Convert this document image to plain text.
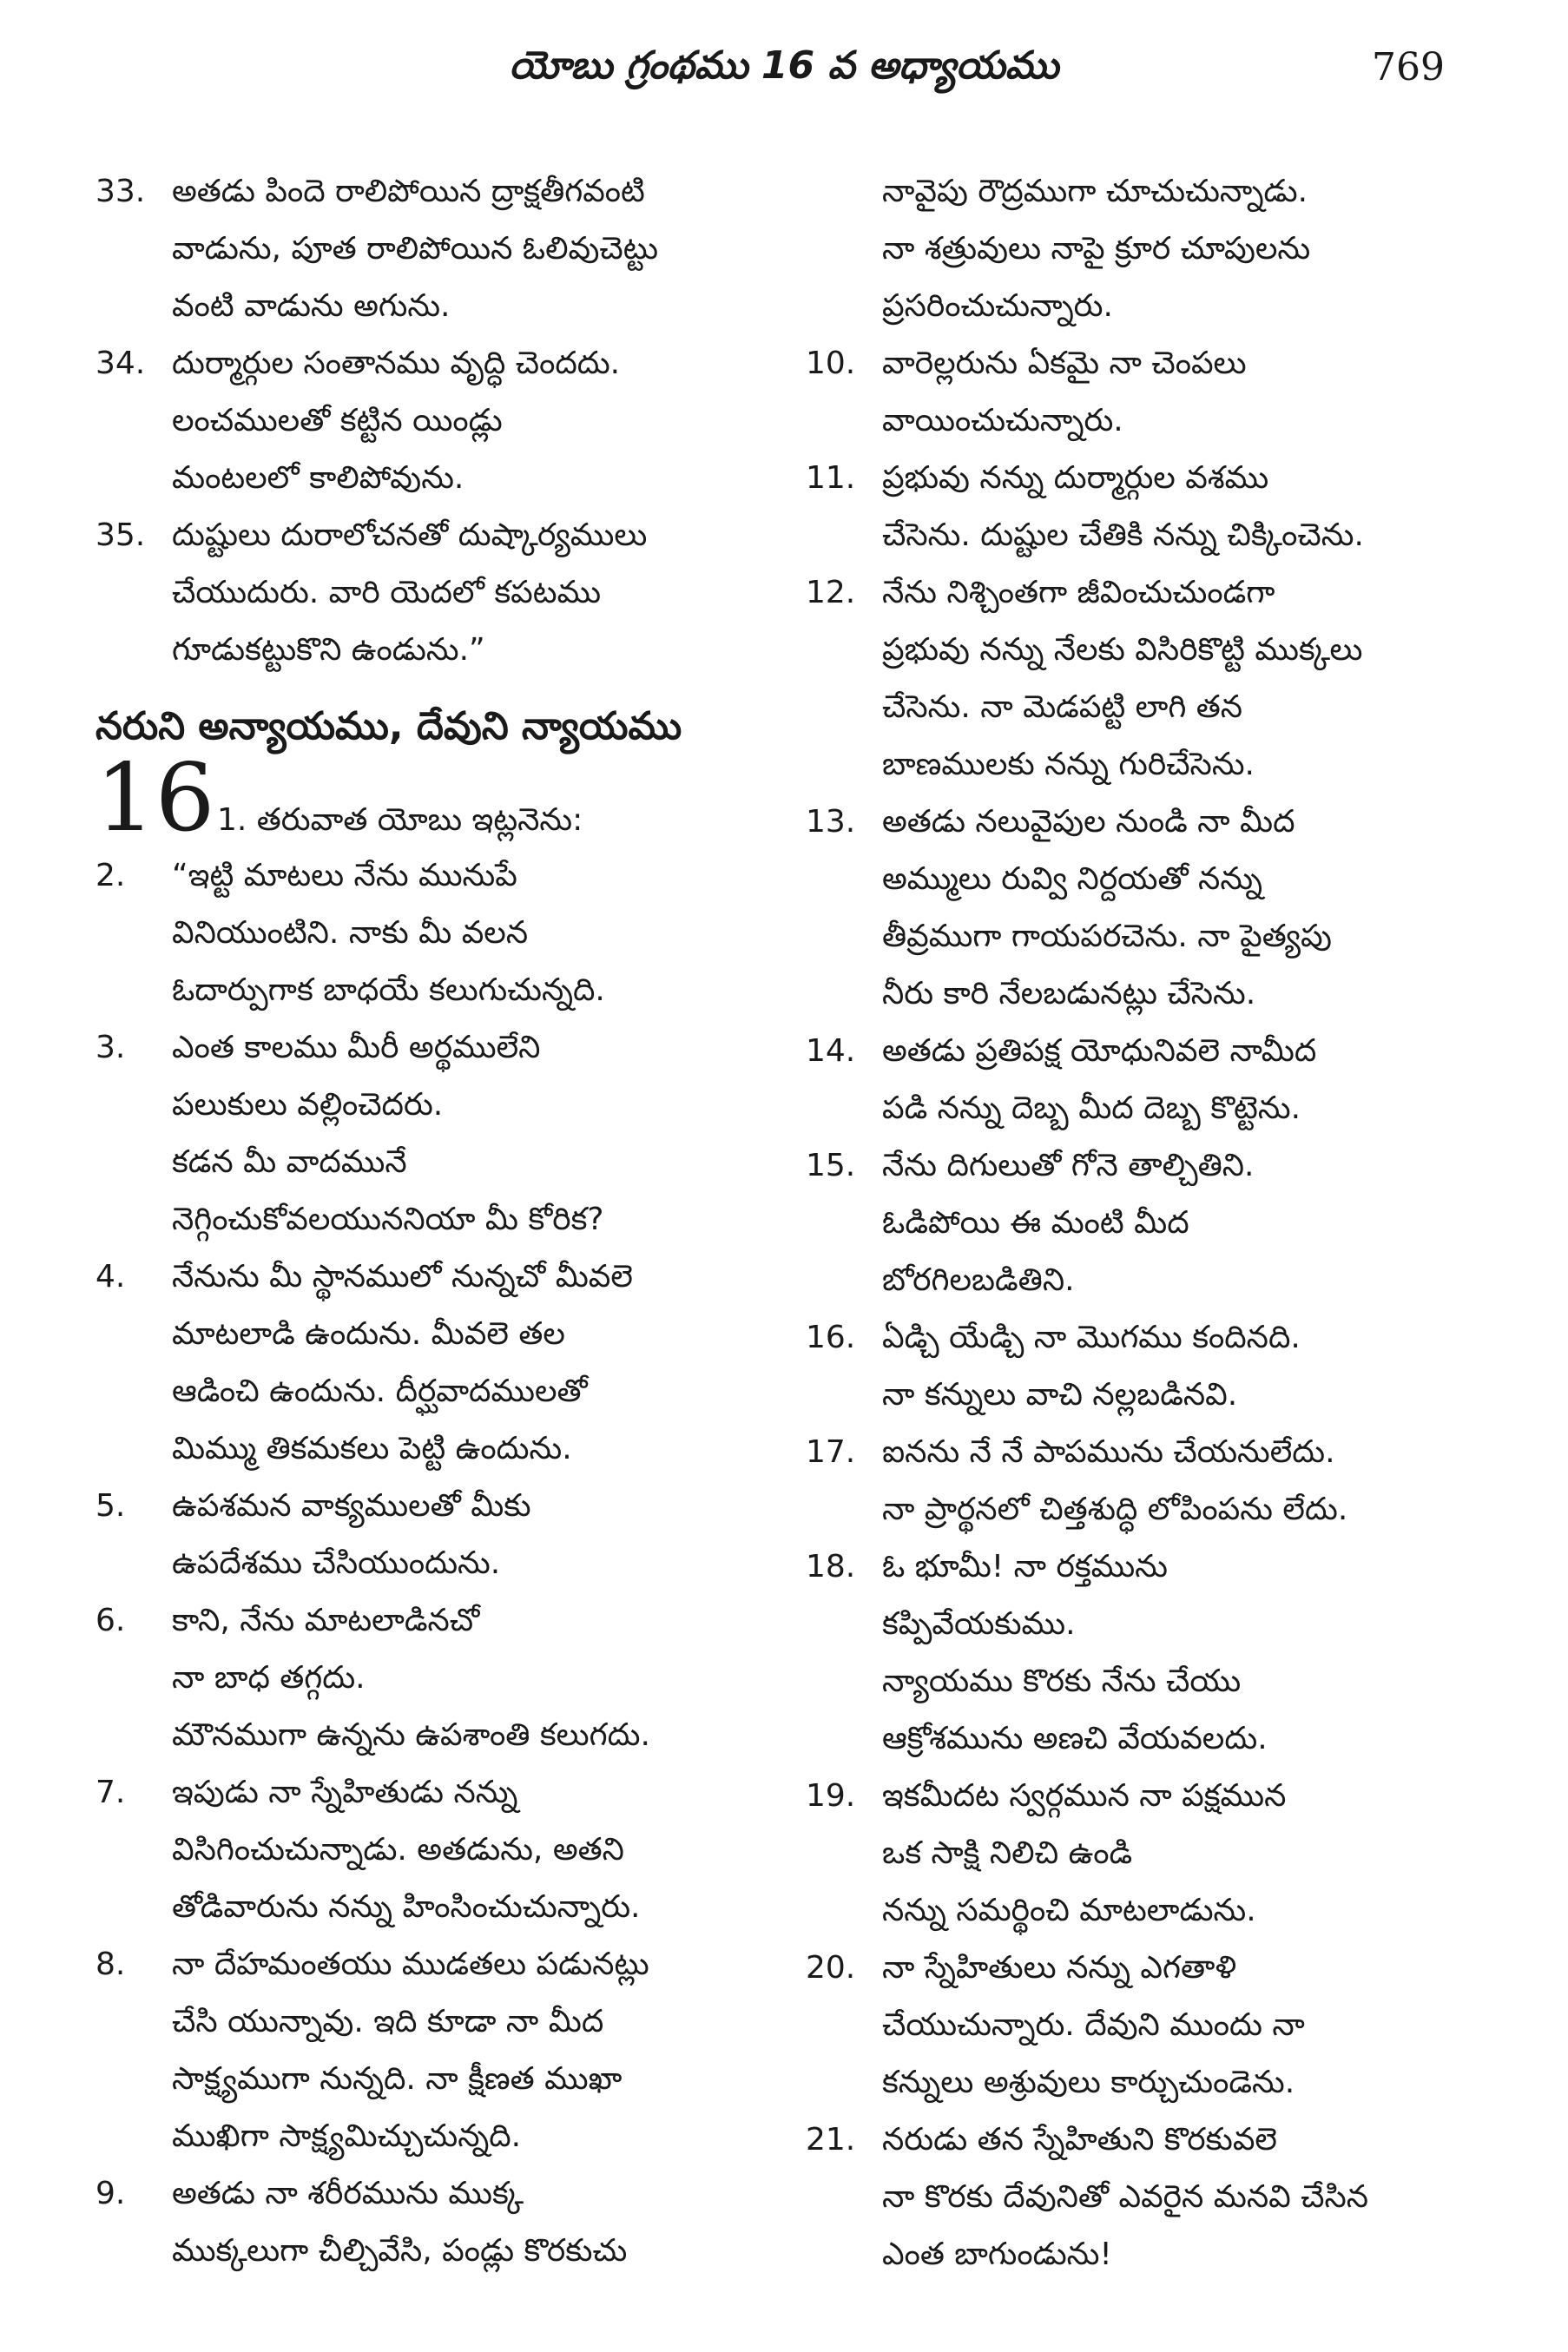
యోబు గ్రంథము 16 వ అధ్యాయము	769
33. అతడు పిందె రాలిపోయిన ద్రాక్షతీగవంటి
వాడును, పూత రాలిపోయిన ఓలివుచెట్టు
వంటి వాడును అగును.
34. దుర్మార్గుల సంతానము వృద్ధి చెందదు.
లంచములతో కట్టిన యిండ్లు
మంటలలో కాలిపోవును.
35. దుష్టులు దురాలోచనతో దుష్కార్యములు
చేయుదురు. వారి యెదలో కపటము
గూడుకట్టుకొని ఉండును.”
నరుని అన్యాయము, దేవుని న్యాయము
16 1. తరువాత యోబు ఇట్లనెను:
2. “ఇట్టి మాటలు నేను మునుపే
వినియుంటిని. నాకు మీ వలన
ఓదార్పుగాక బాధయే కలుగుచున్నది.
3. ఎంత కాలము మీరీ అర్థములేని
పలుకులు వల్లించెదరు.
కడన మీ వాదమునే
నెగ్గించుకోవలయుననియా మీ కోరిక?
4. నేనును మీ స్థానములో నున్నచో మీవలె
మాటలాడి ఉందును. మీవలె తల
ఆడించి ఉందును. దీర్ఘవాదములతో
మిమ్ము తికమకలు పెట్టి ఉందును.
5. ఉపశమన వాక్యములతో మీకు
ఉపదేశము చేసియుందును.
6. కాని, నేను మాటలాడినచో
నా బాధ తగ్గదు.
మౌనముగా ఉన్నను ఉపశాంతి కలుగదు.
7. ఇపుడు నా స్నేహితుడు నన్ను
విసిగించుచున్నాడు. అతడును, అతని
తోడివారును నన్ను హింసించుచున్నారు.
8. నా దేహమంతయు ముడతలు పడునట్లు
చేసి యున్నావు. ఇది కూడా నా మీద
సాక్ష్యముగా నున్నది. నా క్షీణత ముఖా
ముఖిగా సాక్ష్యమిచ్చుచున్నది.
9. అతడు నా శరీరమును ముక్క
ముక్కలుగా చీల్చివేసి, పండ్లు కొరకుచు
నావైపు రౌద్రముగా చూచుచున్నాడు.
నా శత్రువులు నాపై క్రూర చూపులను
ప్రసరించుచున్నారు.
10. వారెల్లరును ఏకమై నా చెంపలు
వాయించుచున్నారు.
11. ప్రభువు నన్ను దుర్మార్గుల వశము
చేసెను. దుష్టుల చేతికి నన్ను చిక్కించెను.
12. నేను నిశ్చింతగా జీవించుచుండగా
ప్రభువు నన్ను నేలకు విసిరికొట్టి ముక్కలు
చేసెను. నా మెడపట్టి లాగి తన
బాణములకు నన్ను గురిచేసెను.
13. అతడు నలువైపుల నుండి నా మీద
అమ్ములు రువ్వి నిర్దయతో నన్ను
తీవ్రముగా గాయపరచెను. నా పైత్యపు
నీరు కారి నేలబడునట్లు చేసెను.
14. అతడు ప్రతిపక్ష యోధునివలె నామీద
పడి నన్ను దెబ్బ మీద దెబ్బ కొట్టెను.
15. నేను దిగులుతో గోనె తాల్చితిని.
ఓడిపోయి ఈ మంటి మీద
బోరగిలబడితిని.
16. ఏడ్చి యేడ్చి నా మొగము కందినది.
నా కన్నులు వాచి నల్లబడినవి.
17. ఐనను నే నే పాపమును చేయనులేదు.
నా ప్రార్థనలో చిత్తశుద్ధి లోపింపను లేదు.
18. ఓ భూమీ! నా రక్తమును
కప్పివేయకుము.
న్యాయము కొరకు నేను చేయు
ఆక్రోశమును అణచి వేయవలదు.
19. ఇకమీదట స్వర్గమున నా పక్షమున
ఒక సాక్షి నిలిచి ఉండి
నన్ను సమర్థించి మాటలాడును.
20. నా స్నేహితులు నన్ను ఎగతాళి
చేయుచున్నారు. దేవుని ముందు నా
కన్నులు అశ్రువులు కార్చుచుండెను.
21. నరుడు తన స్నేహితుని కొరకువలె
నా కొరకు దేవునితో ఎవరైన మనవి చేసిన
ఎంత బాగుండును!
